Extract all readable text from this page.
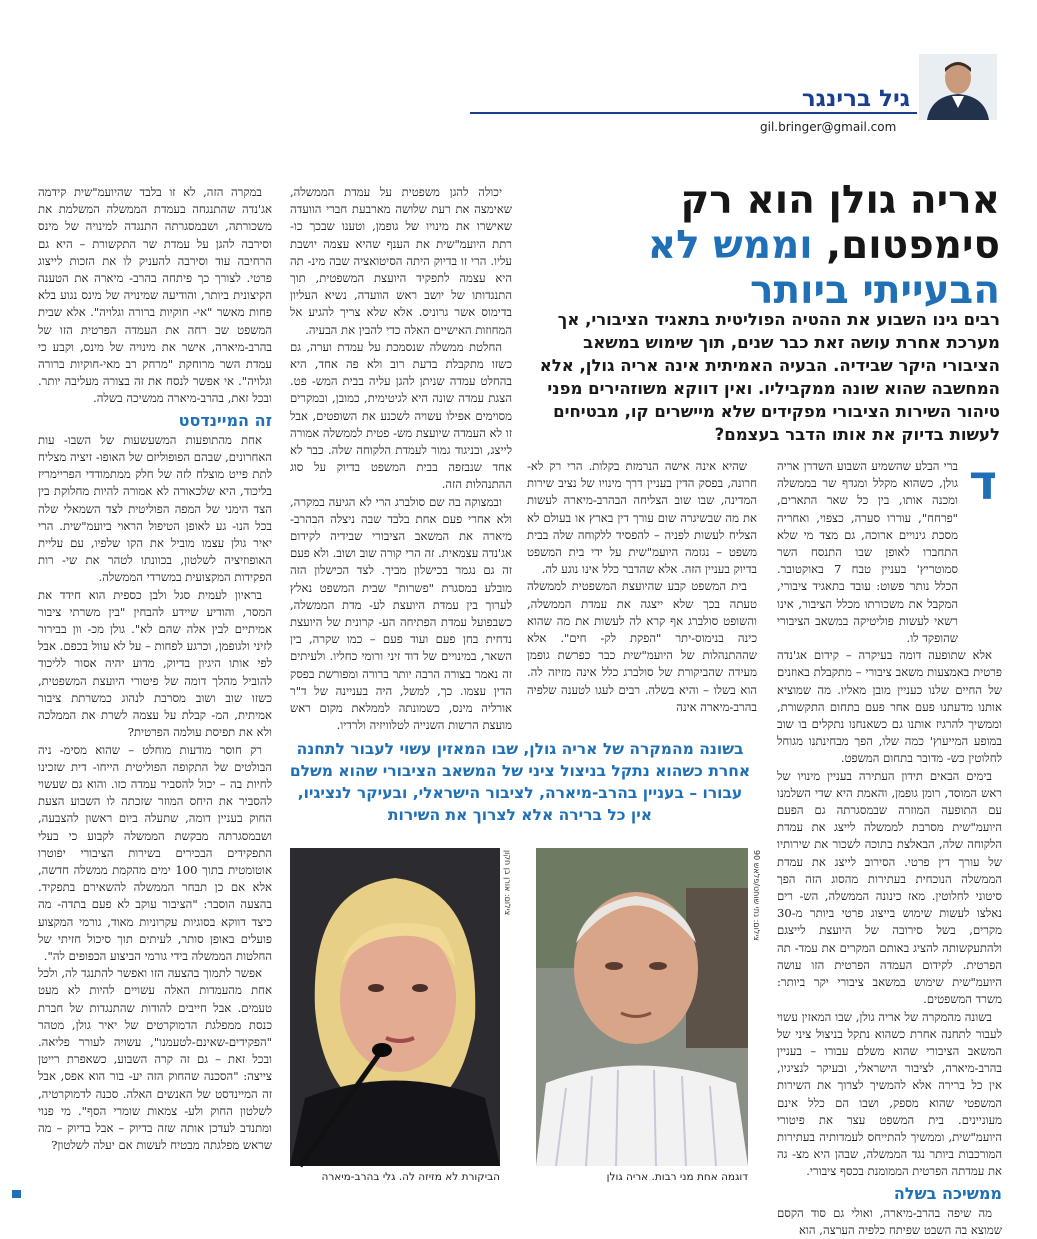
גיל ברינגר
gil.bringer@gmail.com
אריה גולן הוא רק
סימפטום, וממש לא
הבעייתי ביותר
רבים גינו השבוע את ההטיה הפוליטית בתאגיד הציבורי, אך מערכת אחרת עושה זאת כבר שנים, תוך שימוש במשאב הציבורי היקר שבידיה. הבעיה האמיתית אינה אריה גולן, אלא המחשבה שהוא שונה ממקביליו. ואין דווקא משוזהירים מפני טיהור השירות הציבורי מפקידים שלא מיישרים קו, מבטיחים לעשות בדיוק את אותו הדבר בעצמם?
ד

ברי הבלע שהשמיע השבוע השדרן אריה גולן, כשהוא מקלל ומגדף שר בממשלה ומכנה אותו, בין כל שאר התארים, "פרחח", עוררו סערה, כצפוי, ואחריה מסכת גינויים ארוכה, גם מצד מי שלא התחברו לאופן שבו התנסח השר סמוטריץ' בעניין טבח 7 באוקטובר. הכלל נותר פשוט: עובד בתאגיד ציבורי, המקבל את משכורתו מכלל הציבור, אינו רשאי לעשות פוליטיקה במשאב הציבורי שהופקד לו.

אלא שתופעה דומה בעיקרה – קידום אג'נדה פרטית באמצעות משאב ציבורי – מתקבלת באוזנים של החיים שלנו כעניין מובן מאליו. מה שמוציא אותנו מדעתנו פעם אחר פעם בתחום התקשורת, וממשיך להרגיז אותנו גם כשאנחנו נתקלים בו שוב במופע המייעוץ' כמה שלו, הפך מבחינתנו מגוחל לחלוטין כש- מדובר בתחום המשפט.

בימים הבאים תידון העתירה בעניין מינויו של ראש המוסד, רומן גופמן, והאמת היא שדי השלמנו עם התופעה המוזרה שבמסגרתה גם הפעם היועמ"שית מסרבת לממשלה לייצג את עמדת הלקוחה שלה, הבאלצת בתוכה לשכור את שירותיו של עורך דין פרטי. הסירוב לייצג את עמדת הממשלה הנוכחית בעתירות מהסוג הזה הפך סיטוני לחלוטין. מאז כינונה הממשלה, הש- רים נאלצו לעשות שימוש בייצוג פרטי ביותר מ-30 מקרים, בשל סירובה של היועצת לייצגם ולהתעקשותה להציג באותם המקרים את עמד- תה הפרטית. לקידום העמדה הפרטית הזו עושה היועמ"שית שימוש במשאב ציבורי יקר ביותר: משרד המשפטים.

בשונה מהמקרה של אריה גולן, שבו המאזין עשוי לעבור לתחנה אחרת כשהוא נתקל בניצול ציני של המשאב הציבורי שהוא משלם עבורו – בעניין בהרב-מיארה, לציבור הישראלי, ובעיקר לנציגיו, אין כל ברירה אלא להמשיך לצרוך את השירות המשפטי שהוא מספק, ושבו הם כלל אינם מעוניינים. בית המשפט עצר את פיטורי היועמ"שית, וממשיך להתייחס לעמדותיה בעתירות המורכבות ביותר נגד הממשלה, שבהן היא מצ- גה את עמדתה הפרטית הממומנת בכסף ציבורי.

ממשיכה בשלה

מה שיפה בהרב-מיארה, ואולי גם סוד הקסם שמוצא בה השבט שפיתח כלפיה הערצה, הוא

שהיא אינה אישה הנרמזת בקלות. הרי רק לא- חרונה, בפסק הדין בעניין דרך מינויו של נציב שירות המדינה, שבו שוב הצליחה הבהרב-מיארה לעשות את מה שבשיגרה שום עורך דין בארץ או בעולם לא הצליח לעשות לפניה – להפסיד ללקוחה שלה בבית משפט – נגזמה היועמ"שית על ידי בית המשפט בדיוק בעניין הזה. אלא שהדבר כלל אינו נוגע לה.

בית המשפט קבע שהיועצת המשפטית לממשלה טעתה בכך שלא ייצגה את עמדת הממשלה, והשופט סולברג אף קרא לה לעשות את מה שהוא כינה בנימוס-יתר "הפקת לק- חים". אלא שההתנהלות של היועמ"שית כבר כפרשת גופמן מעידה שהביקורת של סולברג כלל אינה מזיזה לה. הוא בשלו – והיא בשלה. רבים לעגו לטענה שלפיה בהרב-מיארה אינה

יכולה להגן משפטית על עמדת הממשלה, שאימצה את רעת שלושה מארבעת חברי הוועדה שאישרו את מינויו של גופמן, וטענו שבכך כו- רתת היועמ"שית את הענף שהיא עצמה יושבת עליו. הרי זו בדיוק היתה הסיטואציה שבה מינ- תה היא עצמה לתפקיד היועצת המשפטית, תוך התנגדותו של יושב ראש הוועדה, נשיא העליון בדימוס אשר גרוניס. אלא שלא צריך להגיע אל המחוזות האישיים האלה כדי להבין את הבעיה.

החלטת ממשלה שנסמכת על עמדת וערה, גם כשזו מתקבלת בדעת רוב ולא פה אחד, היא בהחלט עמדה שניתן להגן עליה בבית המש- פט. הצגת עמדה שונה היא לגיטימית, כמובן, ובמקרים מסוימים אפילו עשויה לשכנע את השופטים, אבל זו לא העמדה שיועצת מש- פטית לממשלה אמורה לייצג, ובניגוד גמור לעמדת הלקוחה שלה. כבר לא אחד שנבזפה בבית המשפט בדיוק על סוג ההתנהלות הזה.

ובמצוקה בה שם סולברג הרי לא הגיעה במקרה, ולא אחרי פעם אחת בלבד שבה ניצלה הבהרב- מיארה את המשאב הציבורי שבידיה לקידום אג'נדה עצמאית. זה הרי קורה שוב ושוב. ולא פעם זה גם נגמר בכישלון מביך. לצד הכישלון הזה מובלע במסגרת "פשרות" שבית המשפט נאלץ לערוך בין עמדת היועצת לע- מדת הממשלה, כשבפועל עמדת הפתיחה הע- קרונית של היועצת נדחית בחן פעם ועוד פעם – כמו שקרה, בין השאר, במינויים של דוד זיני ורומי כחליו. ולעיתים זה נאמר בצורה הרבה יותר ברורה ומפורשת בפסק הדין עצמו. כך, למשל, היה בעניינה של ד"ר אורליה מינס, כשמונתה לממלאת מקום ראש מועצת הרשות השנייה לטלוויזיה ולרדיו.

במקרה הזה, לא זו בלבד שהיועמ"שית קידמה אג'נדה שהתנגחה בעמדת הממשלה המשלמת את משכורתה, ושבמסגרתה התנגדה למינויה של מינס וסירבה להגן על עמדת שר התקשורת – היא גם הרחיבה עוד וסירבה להעניק לו את הזכות לייצוג פרטי. לצורך כך פיתחה בהרב- מיארה את הטענה הקיצונית ביותר, והודיעה שמינויה של מינס נגוע בלא פחות מאשר "אי- חוקיות ברורה וגלויה". אלא שבית המשפט שב רחה את העמדה הפרטית הזו של בהרב-מיארה, אישר את מינויה של מינס, וקבע כי עמדת השר מרוחקת "מרחק רב מאי-חוקיות ברורה וגלויה". אי אפשר לנסח את זה בצורה מעליבה יותר. ובכל זאת, בהרב-מיארה ממשיכה בשלה.

זה המיינדסט

אחת מהתופעות המשעשעות של השבו- עות האחרונים, שבהם הפופוליזם של האופו- זיציה מצליח לתת פייט מוצלח לזה של חלק ממתמודדי הפריימריז בליכוד, היא שלכאורה לא אמורה להיות מחלוקת בין הצד הימני של המפה הפוליטית לצד השמאלי שלה בכל הנו- גע לאופן הטיפול הראוי ביועמ"שית. הרי יאיר גולן עצמו מוביל את הקו שלפיו, עם עליית האופוזיציה לשלטון, בכוונתו לטהר את שי- רות הפקידות המקצועית במשרדי הממשלה.

בראיון לעמית סגל ולבן כספית הוא חידד את המסר, והודיע שיידע להבחין "בין משרתי ציבור אמיתיים לבין אלה שהם לא". גולן מכ- וון בבירור לזיני ולגופמן, וכרגע לפחות – על לא עוול בכפם. אבל לפי אותו היגיון בדיוק, מדוע יהיה אסור לליכוד להוביל מהלך דומה של פיטורי היועצת המשפטית, כשזו שוב ושוב מסרבת לנהוג כמשרתת ציבור אמיתית, המ- קבלת על עצמה לשרת את הממלכה ולא את תפיסת עולמה הפרטית?

רק חוסר מודעות מוחלט – שהוא מסימ- ניה הבולטים של התקופה הפוליטית הייחו- דית שזכינו לחיות בה – יכול להסביר עמדה כזו. והוא גם שעשוי להסביר את היחס המוזר שזכתה לו השבוע הצעת החוק בעניין דומה, שתעלה ביום ראשון להצבעה, ושבמסגרתה מבקשת הממשלה לקבוע כי בעלי התפקידים הבכירים בשירות הציבורי יפוטרו אוטומטית בתוך 100 ימים מהקמת ממשלה חדשה, אלא אם כן תבחר הממשלה להשאירם בתפקיד. בהצעה הוסבר: "הציבור עוקב לא פעם בתדה- מה כיצד דווקא בסוגיות עקרוניות מאוד, גורמי המקצוע פועלים באופן סותר, לעיתים תוך סיכול חזיתי של החלטות הממשלה בידי גורמי הביצוע הכפופים לה".

אפשר לתמוך בהצעה הזו ואפשר להתנגד לה, ולכל אחת מהעמדות האלה עשויים להיות לא מעט טעמים. אבל חייבים להודות שהתנגדות של חברת כנסת ממפלגת הדמוקרטים של יאיר גולן, מטהר "הפקידים-שאינם-לטעמנו", עשויה לעורר פליאה. ובכל זאת – גם זה קרה השבוע, כשאפרת רייטן צייצה: "הסכנה שהחוק הזה יע- בור הוא אפס, אבל זה המיינדסט של האנשים האלה. סכנה לדמוקרטיה, לשלטון החוק ולע- צמאות שומרי הסף". מי פנוי ומתנדב לעדכן אותה שזה בדיוק – אבל בדיוק – מה שראש מפלגתה מבטיח לעשות אם יעלה לשלטון?

בשונה מהמקרה של אריה גולן, שבו המאזין עשוי לעבור לתחנה אחרת כשהוא נתקל בניצול ציני של המשאב הציבורי שהוא משלם עבורו – בעניין בהרב-מיארה, לציבור הישראלי, ובעיקר לנציגיו, אין כל ברירה אלא לצרוך את השירות
צילום: נתי שוחט/פלאש 90
דוגמה אחת מני רבות. אריה גולן
צילום: אורן בן חקון
הביקורת לא מזיזה לה. גלי בהרב-מיארה
